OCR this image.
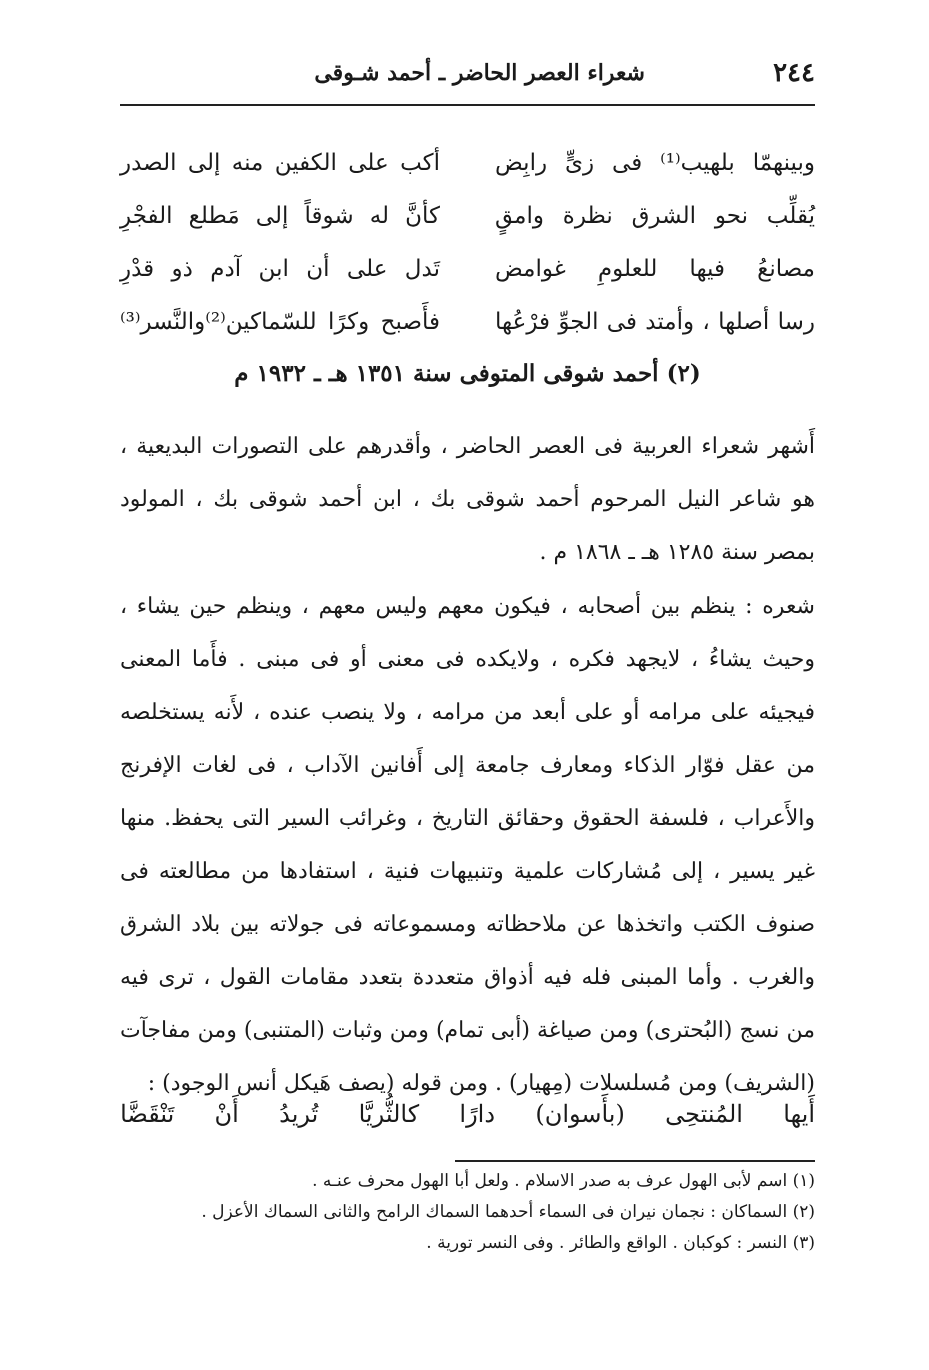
٢٤٤
شعراء العصر الحاضر ـ أحمد شـوقى
وبينهمّا بلهيب⁽¹⁾ فى زىٍّ رابِض
أكب على الكفين منه إلى الصدر
يُقلِّب نحو الشرق نظرة وامقٍ
كأنَّ له شوقاً إلى مَطلع الفجْرِ
مصانعُ فيها للعلومِ غوامض
تَدل على أن ابن آدم ذو قدْرِ
رسا أصلها ، وأمتد فى الجوِّ فرْعُها
فأَصبح وكرًا للسّماكين⁽²⁾والنَّسر⁽³⁾
(٢) أحمد شوقى المتوفى سنة ١٣٥١ هـ ـ ١٩٣٢ م

أَشهر شعراء العربية فى العصر الحاضر ، وأقدرهم على التصورات البديعية ، هو شاعر النيل المرحوم أحمد شوقى بك ، ابن أحمد شوقى بك ، المولود بمصر سنة ١٢٨٥ هـ ـ ١٨٦٨ م .

شعره : ينظم بين أصحابه ، فيكون معهم وليس معهم ، وينظم حين يشاء ، وحيث يشاءُ ، لايجهد فكره ، ولايكده فى معنى أو فى مبنى . فأَما المعنى فيجيئه على مرامه أو على أبعد من مرامه ، ولا ينصب عنده ، لأَنه يستخلصه من عقل فوّار الذكاء ومعارف جامعة إلى أَفانين الآداب ، فى لغات الإفرنج والأَعراب ، فلسفة الحقوق وحقائق التاريخ ، وغرائب السير التى يحفظ. منها غير يسير ، إلى مُشاركات علمية وتنبيهات فنية ، استفادها من مطالعته فى صنوف الكتب واتخذها عن ملاحظاته ومسموعاته فى جولاته بين بلاد الشرق والغرب . وأما المبنى فله فيه أذواق متعددة بتعدد مقامات القول ، ترى فيه من نسج (البُحترى) ومن صياغة (أبى تمام) ومن وثبات (المتنبى) ومن مفاجآت (الشريف) ومن مُسلسلات (مِهيار) . ومن قوله (يصف هَيكل أنس الوجود) :

أَيها
المُنتحِى
(بأَسوان)
دارًا
كالثُّريَّا
تُريدُ
أَنْ
تَنْقَضَّا

(١) اسم لأبى الهول عرف به صدر الاسلام . ولعل أبا الهول محرف عنـه .

(٢) السماكان : نجمان نيران فى السماء أحدهما السماك الرامح والثانى السماك الأعزل .

(٣) النسر : كوكبان . الواقع والطائر . وفى النسر تورية .
